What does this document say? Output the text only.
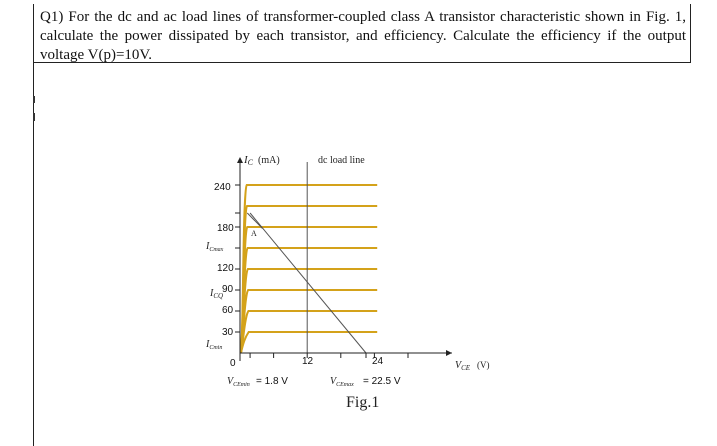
Q1) For the dc and ac load lines of transformer-coupled class A transistor characteristic shown in Fig. 1, calculate the power dissipated by each transistor, and efficiency. Calculate the efficiency if the output voltage V(p)=10V.
IC (mA)	dc load line
240
180
120
90
60
30
0
$I_{Cmax}$
$I_{CQ}$
$I_{Cmin}$
A
12	24	$V_{CE}$ (V)
$V_{CEmin} = 1.8$ V	$V_{CEmax} = 22.5$ V
Fig.1
